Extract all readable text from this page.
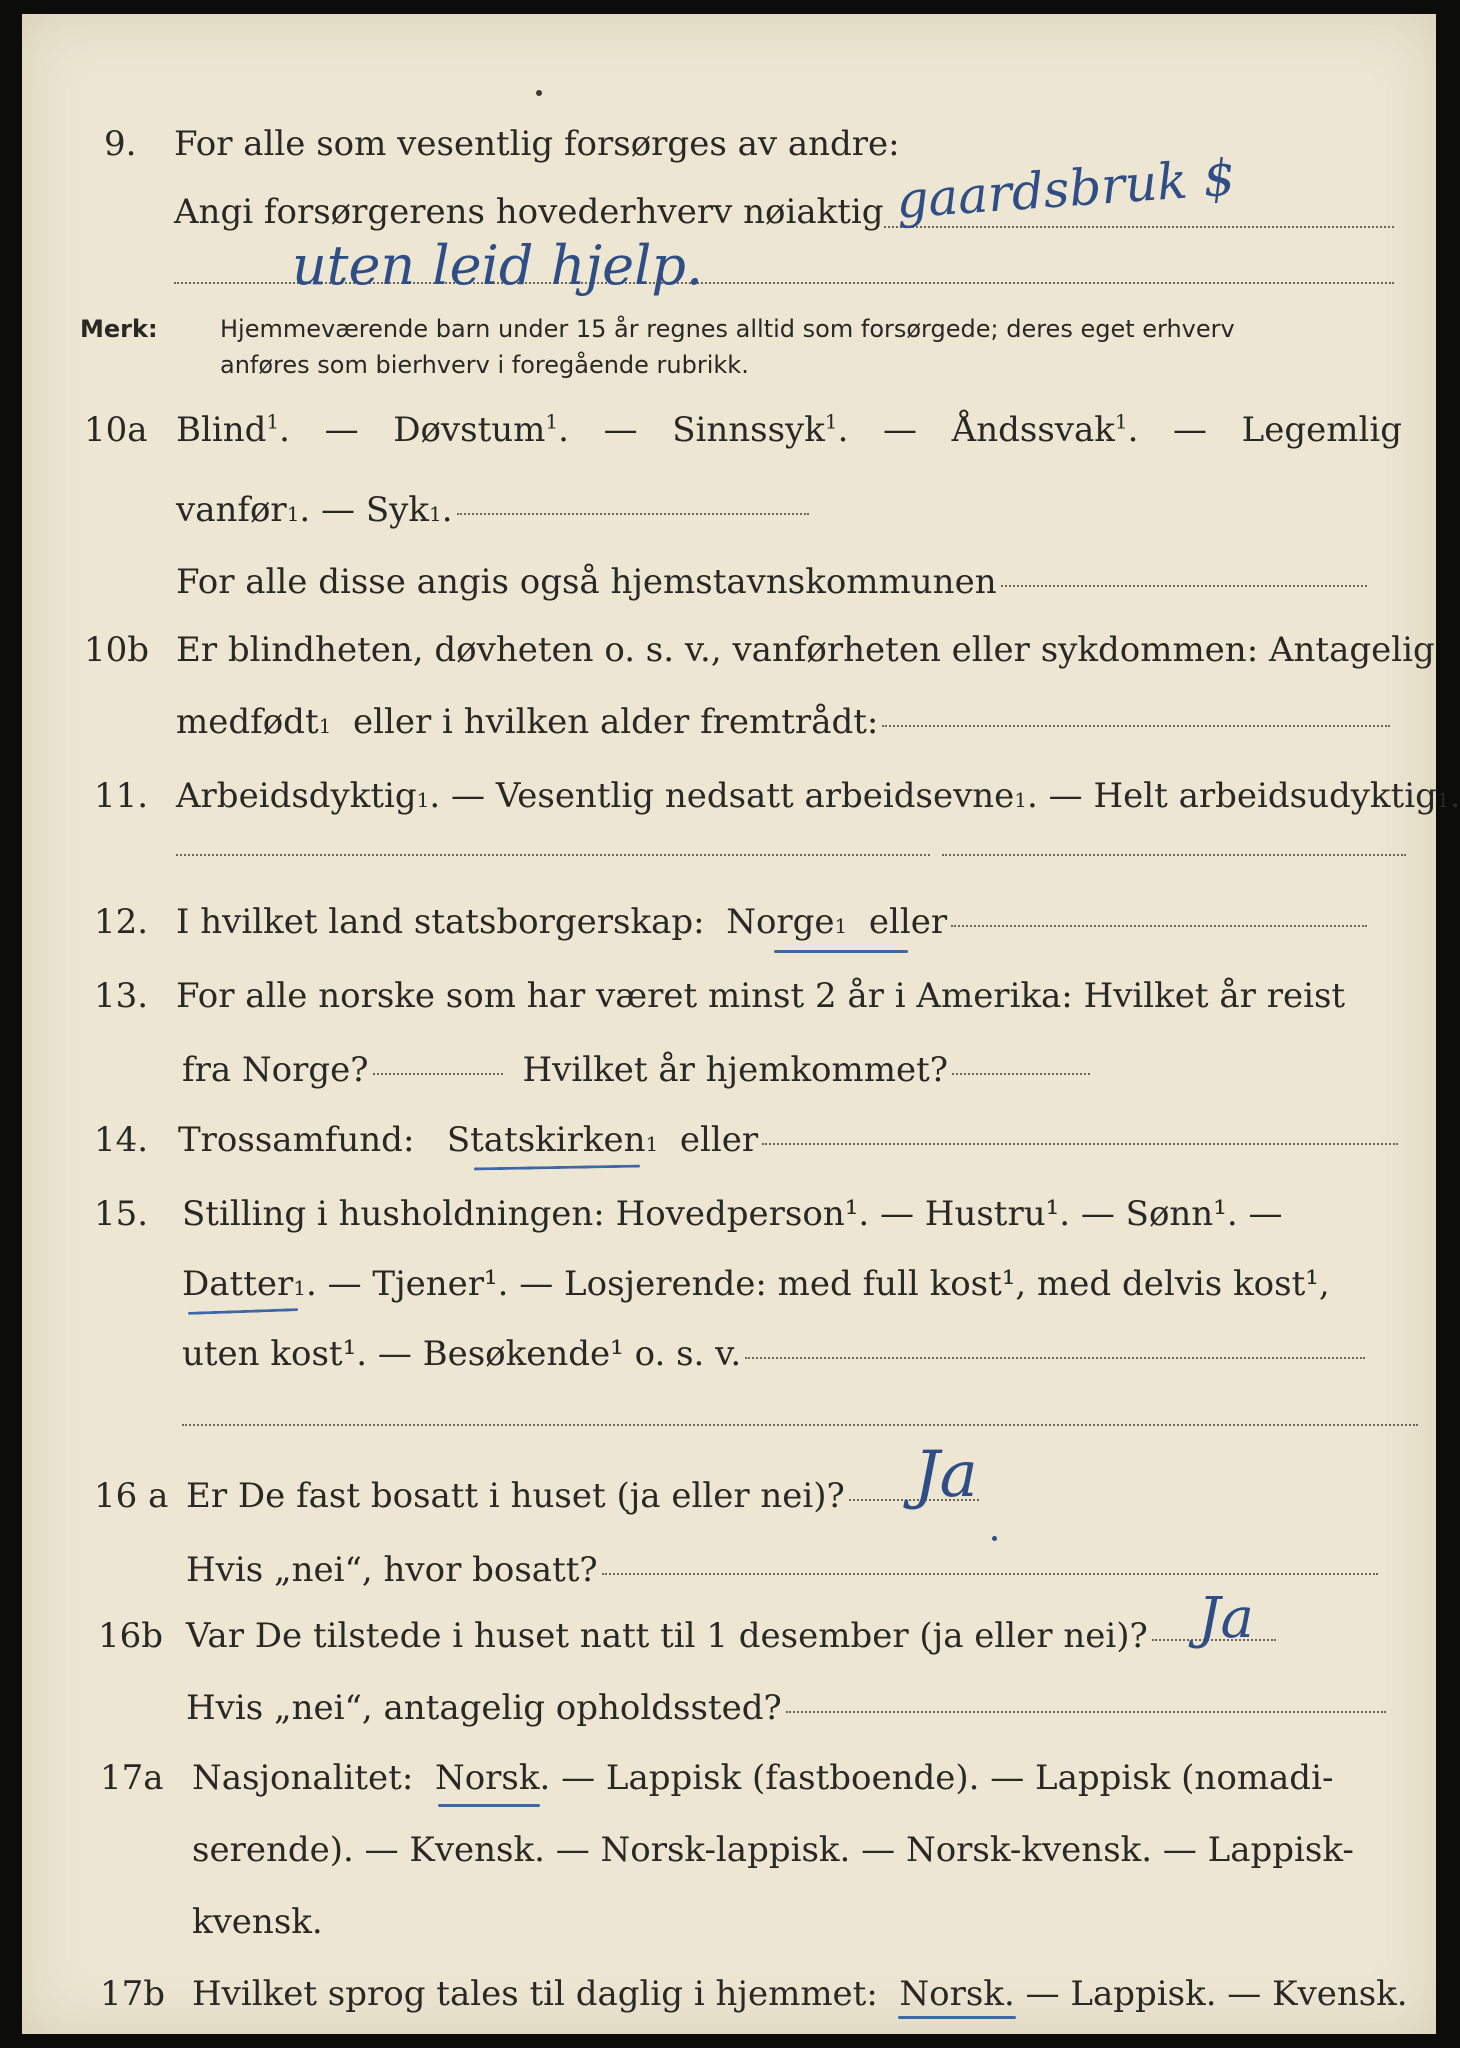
9. For alle som vesentlig forsørges av andre:
Angi forsørgerens hovederhverv nøiaktig gaardsbruk $
uten leid hjelp.
Merk:	Hjemmeværende barn under 15 år regnes alltid som forsørgede; deres eget erhverv
anføres som bierhverv i foregående rubrikk.
10a Blind$^1$. — Døvstum$^1$. — Sinnssyk$^1$. — Åndssvak$^1$. — Legemlig
vanfør 1 . — Syk 1 .
For alle disse angis også hjemstavnskommunen
10b Er blindheten, døvheten o. s. v., vanførheten eller sykdommen: Antagelig
medfødt 1
eller i hvilken alder fremtrådt:
11. Arbeidsdyktig 1 . — Vesentlig nedsatt arbeidsevne 1 . — Helt arbeidsudyktig 1 .
12. I hvilket land statsborgerskap:
Norge 1
eller
13. For alle norske som har været minst 2 år i Amerika: Hvilket år reist
fra Norge?	Hvilket år hjemkommet?
14. Trossamfund:
Statskirken 1
eller
15. Stilling i husholdningen: Hovedperson¹. — Hustru¹. — Sønn¹. —
Datter 1 . — Tjener¹. — Losjerende: med full kost¹, med delvis kost¹,
uten kost¹. — Besøkende¹ o. s. v.
16 a Er De fast bosatt i huset (ja eller nei)? Ja
Hvis „nei“, hvor bosatt?
16b Var De tilstede i huset natt til 1 desember (ja eller nei)? Ja
Hvis „nei“, antagelig opholdssted?
17a Nasjonalitet:
Norsk . — Lappisk (fastboende). — Lappisk (nomadi-
serende). — Kvensk. — Norsk-lappisk. — Norsk-kvensk. — Lappisk-
kvensk.
17b Hvilket sprog tales til daglig i hjemmet:
Norsk.
— Lappisk. — Kvensk.
